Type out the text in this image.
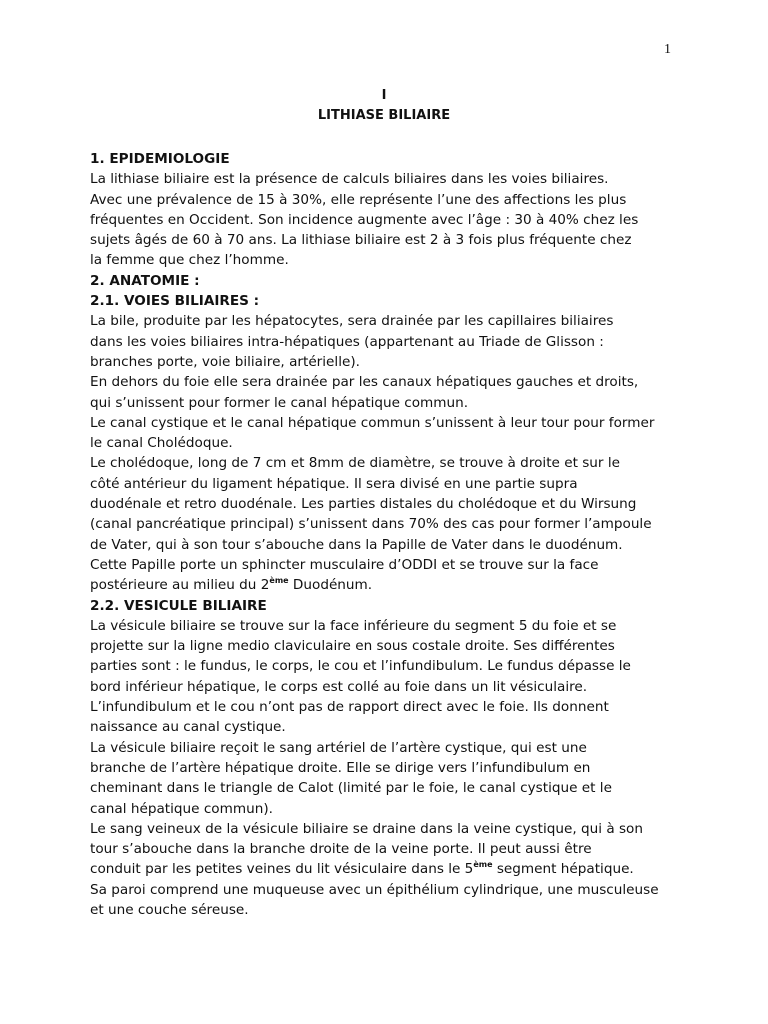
1
I
LITHIASE BILIAIRE
1. EPIDEMIOLOGIE
La lithiase biliaire est la présence de calculs biliaires dans les voies biliaires.
Avec une prévalence de 15 à 30%, elle représente l’une des affections les plus
fréquentes en Occident. Son incidence augmente avec l’âge : 30 à 40% chez les
sujets âgés de 60 à 70 ans. La lithiase biliaire est 2 à 3 fois plus fréquente chez
la femme que chez l’homme.
2. ANATOMIE :
2.1. VOIES BILIAIRES :
La bile, produite par les hépatocytes, sera drainée par les capillaires biliaires
dans les voies biliaires intra-hépatiques (appartenant au Triade de Glisson :
branches porte, voie biliaire, artérielle).
En dehors du foie elle sera drainée par les canaux hépatiques gauches et droits,
qui s’unissent pour former le canal hépatique commun.
Le canal cystique et le canal hépatique commun s’unissent à leur tour pour former
le canal Cholédoque.
Le cholédoque, long de 7 cm et 8mm de diamètre, se trouve à droite et sur le
côté antérieur du ligament hépatique. Il sera divisé en une partie supra
duodénale et retro duodénale. Les parties distales du cholédoque et du Wirsung
(canal pancréatique principal) s’unissent dans 70% des cas pour former l’ampoule
de Vater, qui à son tour s’abouche dans la Papille de Vater dans le duodénum.
Cette Papille porte un sphincter musculaire d’ODDI et se trouve sur la face
postérieure au milieu du 2ème Duodénum.
2.2. VESICULE BILIAIRE
La vésicule biliaire se trouve sur la face inférieure du segment 5 du foie et se
projette sur la ligne medio claviculaire en sous costale droite. Ses différentes
parties sont : le fundus, le corps, le cou et l’infundibulum. Le fundus dépasse le
bord inférieur hépatique, le corps est collé au foie dans un lit vésiculaire.
L’infundibulum et le cou n’ont pas de rapport direct avec le foie. Ils donnent
naissance au canal cystique.
La vésicule biliaire reçoit le sang artériel de l’artère cystique, qui est une
branche de l’artère hépatique droite. Elle se dirige vers l’infundibulum en
cheminant dans le triangle de Calot (limité par le foie, le canal cystique et le
canal hépatique commun).
Le sang veineux de la vésicule biliaire se draine dans la veine cystique, qui à son
tour s’abouche dans la branche droite de la veine porte. Il peut aussi être
conduit par les petites veines du lit vésiculaire dans le 5ème segment hépatique.
Sa paroi comprend une muqueuse avec un épithélium cylindrique, une musculeuse
et une couche séreuse.
